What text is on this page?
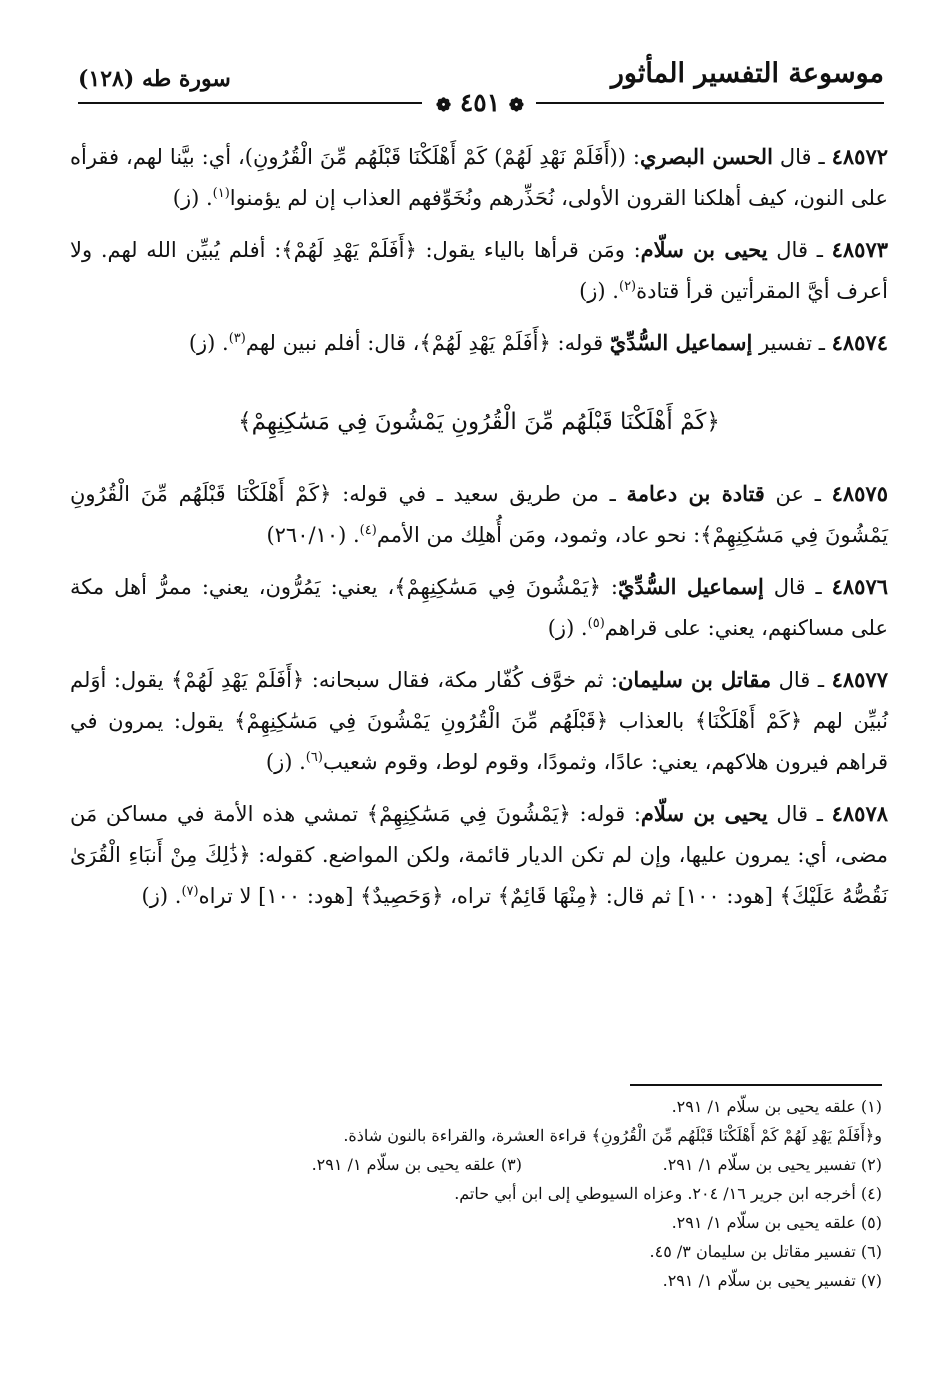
موسوعة التفسير المأثور
سورة طه (١٢٨)
❁ ٤٥١ ❁

٤٨٥٧٢ ـ قال الحسن البصري: ((أَفَلَمْ نَهْدِ لَهُمْ) كَمْ أَهْلَكْنَا قَبْلَهُم مِّنَ الْقُرُونِ)، أي: بيَّنا لهم، فقرأه على النون، كيف أهلكنا القرون الأولى، نُحَذِّرهم ونُخَوِّفهم العذاب إن لم يؤمنوا$^{(١)}$. (ز)

٤٨٥٧٣ ـ قال يحيى بن سلّام: ومَن قرأها بالياء يقول: ﴿أَفَلَمْ يَهْدِ لَهُمْ﴾: أفلم يُبيِّن الله لهم. ولا أعرف أيَّ المقرأتين قرأ قتادة$^{(٢)}$. (ز)

٤٨٥٧٤ ـ تفسير إسماعيل السُّدِّيّ قوله: ﴿أَفَلَمْ يَهْدِ لَهُمْ﴾، قال: أفلم نبين لهم$^{(٣)}$. (ز)

﴿كَمْ أَهْلَكْنَا قَبْلَهُم مِّنَ الْقُرُونِ يَمْشُونَ فِي مَسَٰكِنِهِمْ﴾

٤٨٥٧٥ ـ عن قتادة بن دعامة ـ من طريق سعيد ـ في قوله: ﴿كَمْ أَهْلَكْنَا قَبْلَهُم مِّنَ الْقُرُونِ يَمْشُونَ فِي مَسَٰكِنِهِمْ﴾: نحو عاد، وثمود، ومَن أُهلِك من الأمم$^{(٤)}$. (٢٦٠/١٠)

٤٨٥٧٦ ـ قال إسماعيل السُّدِّيّ: ﴿يَمْشُونَ فِي مَسَٰكِنِهِمْ﴾، يعني: يَمُرُّون، يعني: ممرُّ أهل مكة على مساكنهم، يعني: على قراهم$^{(٥)}$. (ز)

٤٨٥٧٧ ـ قال مقاتل بن سليمان: ثم خوَّف كُفّار مكة، فقال سبحانه: ﴿أَفَلَمْ يَهْدِ لَهُمْ﴾ يقول: أوَلم نُبيِّن لهم ﴿كَمْ أَهْلَكْنَا﴾ بالعذاب ﴿قَبْلَهُم مِّنَ الْقُرُونِ يَمْشُونَ فِي مَسَٰكِنِهِمْ﴾ يقول: يمرون في قراهم فيرون هلاكهم، يعني: عادًا، وثمودًا، وقوم لوط، وقوم شعيب$^{(٦)}$. (ز)

٤٨٥٧٨ ـ قال يحيى بن سلّام: قوله: ﴿يَمْشُونَ فِي مَسَٰكِنِهِمْ﴾ تمشي هذه الأمة في مساكن مَن مضى، أي: يمرون عليها، وإن لم تكن الديار قائمة، ولكن المواضع. كقوله: ﴿ذَٰلِكَ مِنْ أَنبَاءِ الْقُرَىٰ نَقُصُّهُ عَلَيْكَ﴾ [هود: ١٠٠] ثم قال: ﴿مِنْهَا قَائِمٌ﴾ تراه، ﴿وَحَصِيدٌ﴾ [هود: ١٠٠] لا تراه$^{(٧)}$. (ز)

(١) علقه يحيى بن سلّام ١/ ٢٩١.
و﴿أَفَلَمْ يَهْدِ لَهُمْ كَمْ أَهْلَكْنَا قَبْلَهُم مِّنَ الْقُرُونِ﴾ قراءة العشرة، والقراءة بالنون شاذة.
(٢) تفسير يحيى بن سلّام ١/ ٢٩١.
(٣) علقه يحيى بن سلّام ١/ ٢٩١.
(٤) أخرجه ابن جرير ١٦/ ٢٠٤. وعزاه السيوطي إلى ابن أبي حاتم.
(٥) علقه يحيى بن سلّام ١/ ٢٩١.
(٦) تفسير مقاتل بن سليمان ٣/ ٤٥.
(٧) تفسير يحيى بن سلّام ١/ ٢٩١.
